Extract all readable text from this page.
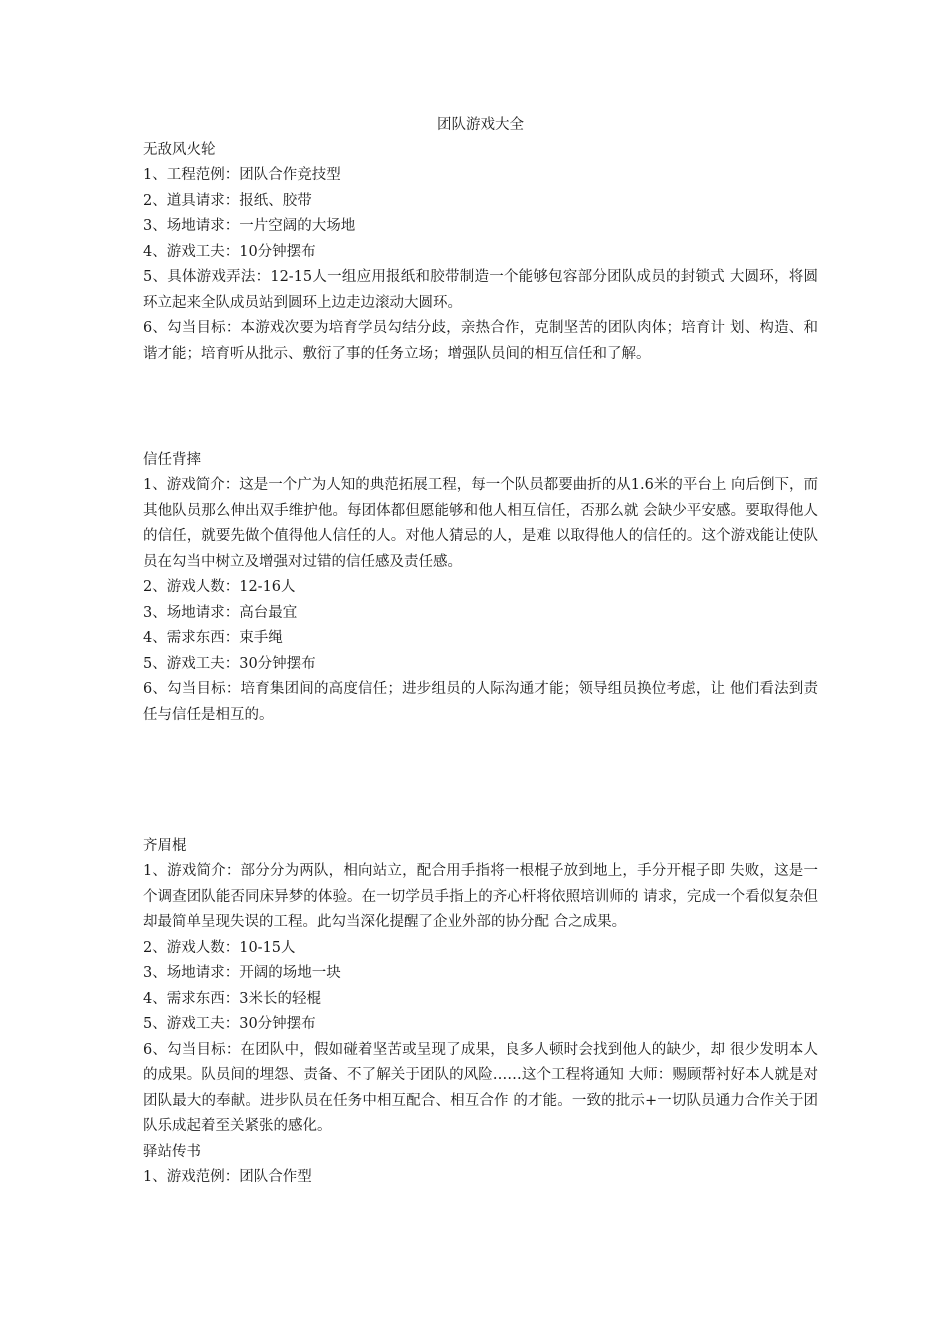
团队游戏大全

无敌风火轮

1、工程范例：团队合作竞技型

2、道具请求：报纸、胶带

3、场地请求：一片空阔的大场地

4、游戏工夫：10分钟摆布

5、具体游戏弄法：12-15人一组应用报纸和胶带制造一个能够包容部分团队成员的封锁式 大圆环，将圆环立起来全队成员站到圆环上边走边滚动大圆环。

6、勾当目标：本游戏次要为培育学员勾结分歧，亲热合作，克制坚苦的团队肉体；培育计 划、构造、和谐才能；培育听从批示、敷衍了事的任务立场；增强队员间的相互信任和了解。

信任背摔

1、游戏简介：这是一个广为人知的典范拓展工程，每一个队员都要曲折的从1.6米的平台上 向后倒下，而其他队员那么伸出双手维护他。每团体都但愿能够和他人相互信任，否那么就 会缺少平安感。要取得他人的信任，就要先做个值得他人信任的人。对他人猜忌的人，是难 以取得他人的信任的。这个游戏能让使队员在勾当中树立及增强对过错的信任感及责任感。

2、游戏人数：12-16人

3、场地请求：高台最宜

4、需求东西：束手绳

5、游戏工夫：30分钟摆布

6、勾当目标：培育集团间的高度信任；进步组员的人际沟通才能；领导组员换位考虑，让 他们看法到责任与信任是相互的。

齐眉棍

1、游戏简介：部分分为两队，相向站立，配合用手指将一根棍子放到地上，手分开棍子即 失败，这是一个调查团队能否同床异梦的体验。在一切学员手指上的齐心杆将依照培训师的 请求，完成一个看似复杂但却最简单呈现失误的工程。此勾当深化提醒了企业外部的协分配 合之成果。

2、游戏人数：10-15人

3、场地请求：开阔的场地一块

4、需求东西：3米长的轻棍

5、游戏工夫：30分钟摆布

6、勾当目标：在团队中，假如碰着坚苦或呈现了成果，良多人顿时会找到他人的缺少，却 很少发明本人的成果。队员间的埋怨、责备、不了解关于团队的风险……这个工程将通知 大师：赐顾帮衬好本人就是对团队最大的奉献。进步队员在任务中相互配合、相互合作 的才能。一致的批示+一切队员通力合作关于团队乐成起着至关紧张的感化。

驿站传书

1、游戏范例：团队合作型
